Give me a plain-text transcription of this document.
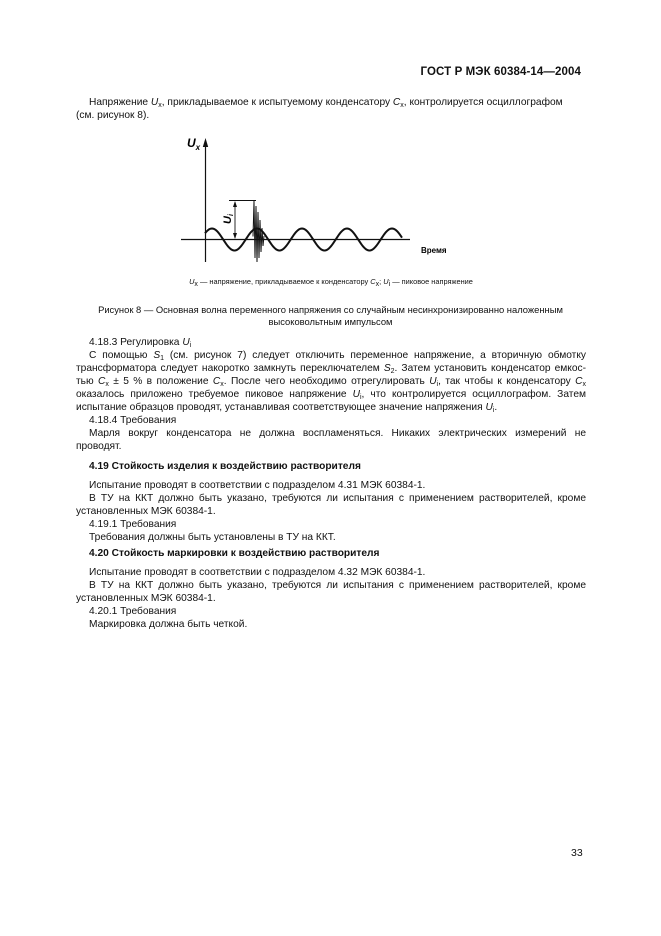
ГОСТ Р МЭК 60384-14—2004
Напряжение $U_x$, прикладываемое к испытуемому конденсатору $C_x$, контролируется осциллографом
(см. рисунок 8).
$U_x$
Ui
Время
$U_x$ — напряжение, прикладываемое к конденсатору $C_x$; $U_i$ — пиковое напряжение
Рисунок 8 — Основная волна переменного напряжения со случайным несинхронизированно наложенным
высоковольтным импульсом
4.18.3 Регулировка $U_i$
С помощью $S_1$ (см. рисунок 7) следует отключить переменное напряжение, а вторичную обмотку
трансформатора следует накоротко замкнуть переключателем $S_2$. Затем установить конденсатор емкос-
тью $C_x \pm 5$ % в положение $C_x$. После чего необходимо отрегулировать $U_i$, так чтобы к конденсатору $C_x$
оказалось приложено требуемое пиковое напряжение $U_i$, что контролируется осциллографом. Затем
испытание образцов проводят, устанавливая соответствующее значение напряжения $U_i$.
4.18.4 Требования
Марля вокруг конденсатора не должна воспламеняться. Никаких электрических измерений не
проводят.
4.19 Стойкость изделия к воздействию растворителя
Испытание проводят в соответствии с подразделом 4.31 МЭК 60384-1.
В ТУ на ККТ должно быть указано, требуются ли испытания с применением растворителей, кроме
установленных МЭК 60384-1.
4.19.1 Требования
Требования должны быть установлены в ТУ на ККТ.
4.20 Стойкость маркировки к воздействию растворителя
Испытание проводят в соответствии с подразделом 4.32 МЭК 60384-1.
В ТУ на ККТ должно быть указано, требуются ли испытания с применением растворителей, кроме
установленных МЭК 60384-1.
4.20.1 Требования
Маркировка должна быть четкой.
33
